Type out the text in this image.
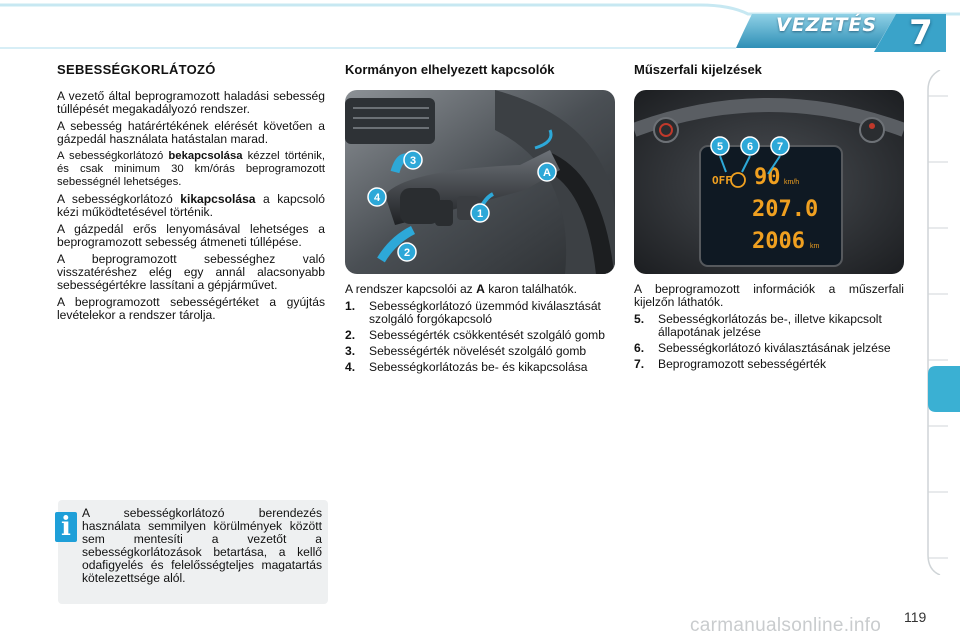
VEZETÉS 7
SEBESSÉGKORLÁTOZÓ

A vezető által beprogramozott haladási sebesség túllépését megakadályozó rendszer.

A sebesség határértékének elérését követően a gázpedál használata hatástalan marad.

A sebességkorlátozó bekapcsolása kézzel történik, és csak minimum 30 km/órás beprogramozott sebességnél lehetséges.

A sebességkorlátozó kikapcsolása a kapcsoló kézi működtetésével történik.

A gázpedál erős lenyomásával lehetséges a beprogramozott sebesség átmeneti túllépése.

A beprogramozott sebességhez való visszatéréshez elég egy annál alacsonyabb sebességértékre lassítani a gépjárművet.

A beprogramozott sebességértéket a gyújtás levételekor a rendszer tárolja.

Kormányon elhelyezett kapcsolók
3
4
1
2
A

A rendszer kapcsolói az A karon találhatók.

1. Sebességkorlátozó üzemmód kiválasztását szolgáló forgókapcsoló
2. Sebességérték csökkentését szolgáló gomb
3. Sebességérték növelését szolgáló gomb
4. Sebességkorlátozás be- és kikapcsolása
Műszerfali kijelzések
OFF 90 km/h
207.0
2006 km
5 6 7

A beprogramozott információk a műszerfali kijelzőn láthatók.

5. Sebességkorlátozás be-, illetve kikapcsolt állapotának jelzése
6. Sebességkorlátozó kiválasztásának jelzése
7. Beprogramozott sebességérték
i A sebességkorlátozó berendezés használata semmilyen körülmények között sem mentesíti a vezetőt a sebességkorlátozások betartása, a kellő odafigyelés és felelősségteljes magatartás kötelezettsége alól.

119
carmanualsonline.info
